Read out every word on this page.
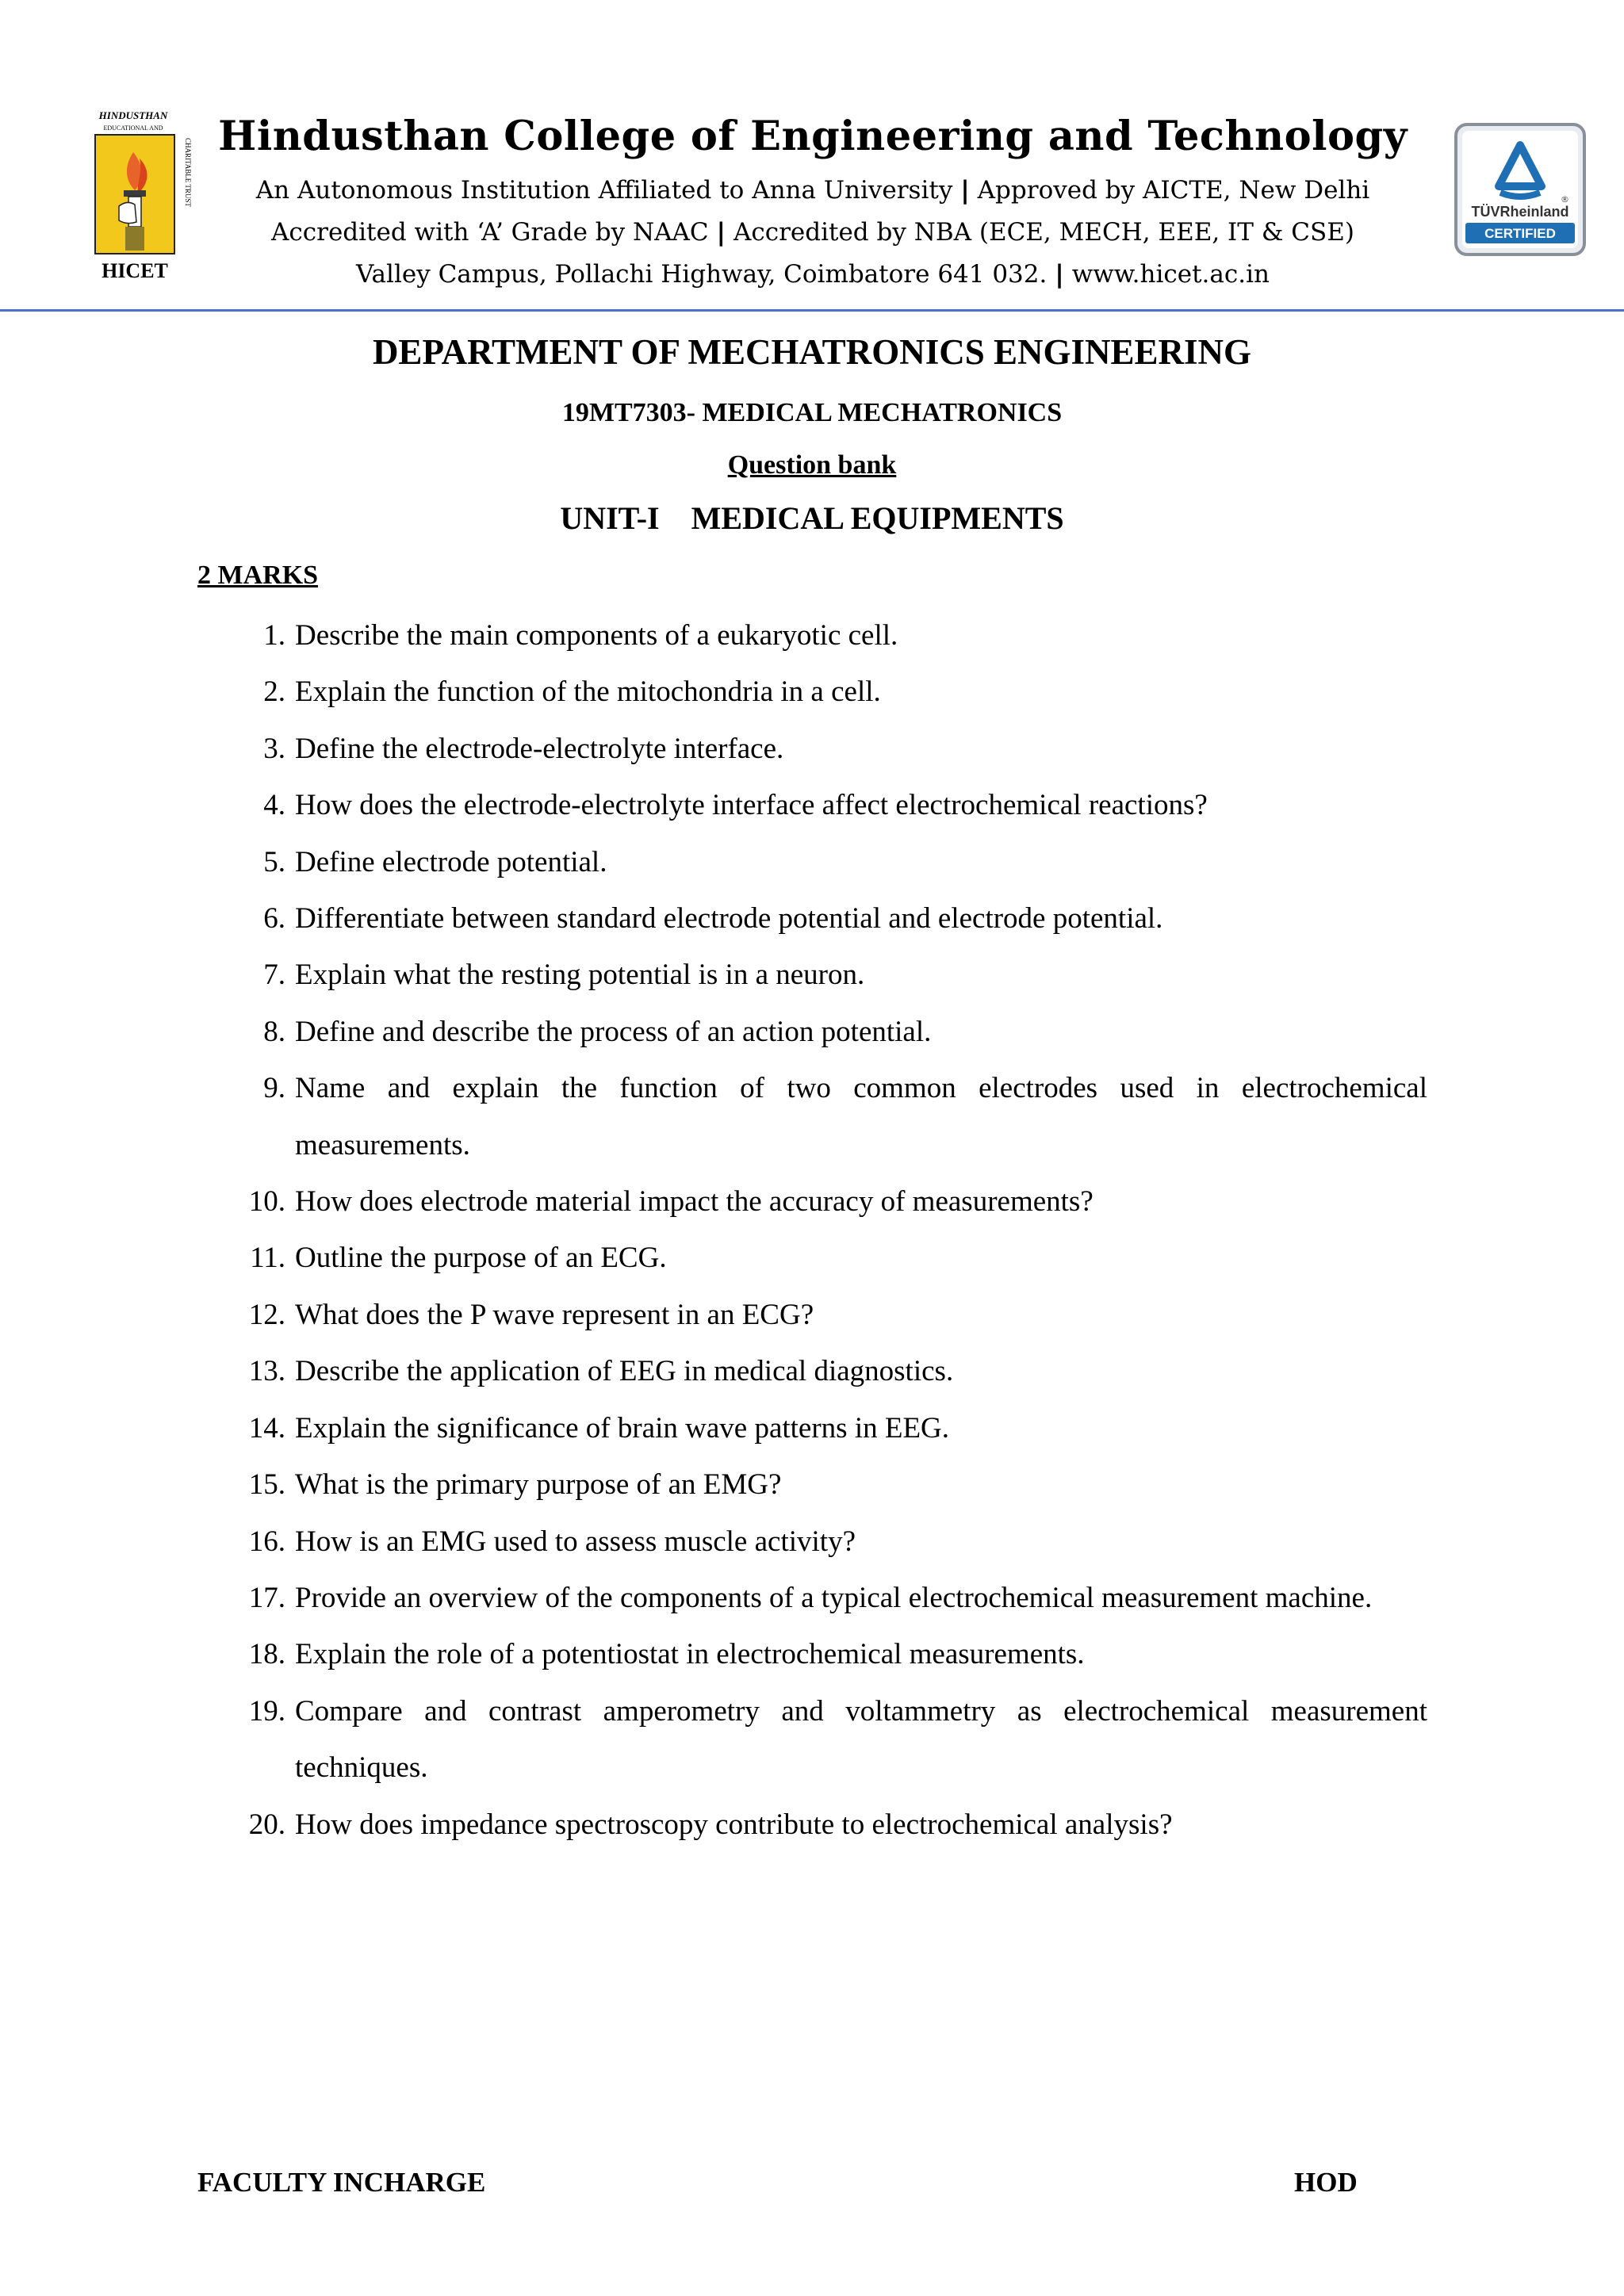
HINDUSTHAN
EDUCATIONAL AND
CHARITABLE TRUST
HICET
Hindusthan College of Engineering and Technology
An Autonomous Institution Affiliated to Anna University | Approved by AICTE, New Delhi
Accredited with ‘A’ Grade by NAAC | Accredited by NBA (ECE, MECH, EEE, IT & CSE)
Valley Campus, Pollachi Highway, Coimbatore 641 032. | www.hicet.ac.in
®
TÜVRheinland
CERTIFIED
DEPARTMENT OF MECHATRONICS ENGINEERING
19MT7303- MEDICAL MECHATRONICS
Question bank
UNIT-I    MEDICAL EQUIPMENTS
2 MARKS
1. Describe the main components of a eukaryotic cell.
2. Explain the function of the mitochondria in a cell.
3. Define the electrode-electrolyte interface.
4. How does the electrode-electrolyte interface affect electrochemical reactions?
5. Define electrode potential.
6. Differentiate between standard electrode potential and electrode potential.
7. Explain what the resting potential is in a neuron.
8. Define and describe the process of an action potential.
9. Name and explain the function of two common electrodes used in electrochemical measurements.
10. How does electrode material impact the accuracy of measurements?
11. Outline the purpose of an ECG.
12. What does the P wave represent in an ECG?
13. Describe the application of EEG in medical diagnostics.
14. Explain the significance of brain wave patterns in EEG.
15. What is the primary purpose of an EMG?
16. How is an EMG used to assess muscle activity?
17. Provide an overview of the components of a typical electrochemical measurement machine.
18. Explain the role of a potentiostat in electrochemical measurements.
19. Compare and contrast amperometry and voltammetry as electrochemical measurement techniques.
20. How does impedance spectroscopy contribute to electrochemical analysis?
FACULTY INCHARGE	HOD
